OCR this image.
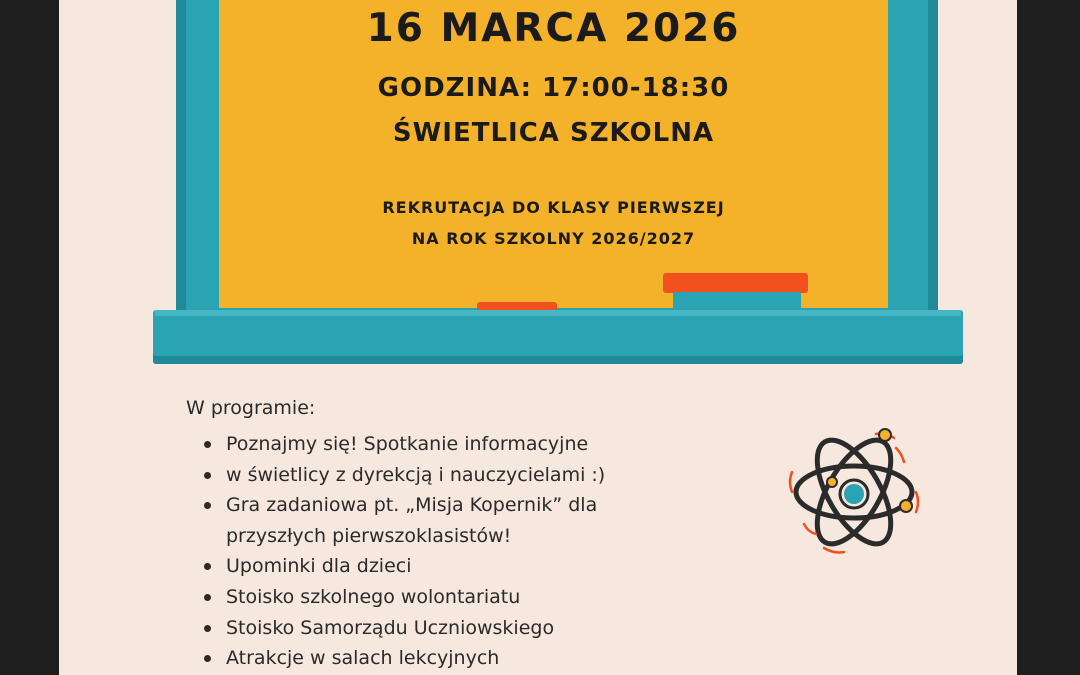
16 MARCA 2026
GODZINA: 17:00-18:30
ŚWIETLICA SZKOLNA
REKRUTACJA DO KLASY PIERWSZEJ
NA ROK SZKOLNY 2026/2027
W programie:
Poznajmy się! Spotkanie informacyjne
w świetlicy z dyrekcją i nauczycielami :)
Gra zadaniowa pt. „Misja Kopernik” dla
przyszłych pierwszoklasistów!
Upominki dla dzieci
Stoisko szkolnego wolontariatu
Stoisko Samorządu Uczniowskiego
Atrakcje w salach lekcyjnych
